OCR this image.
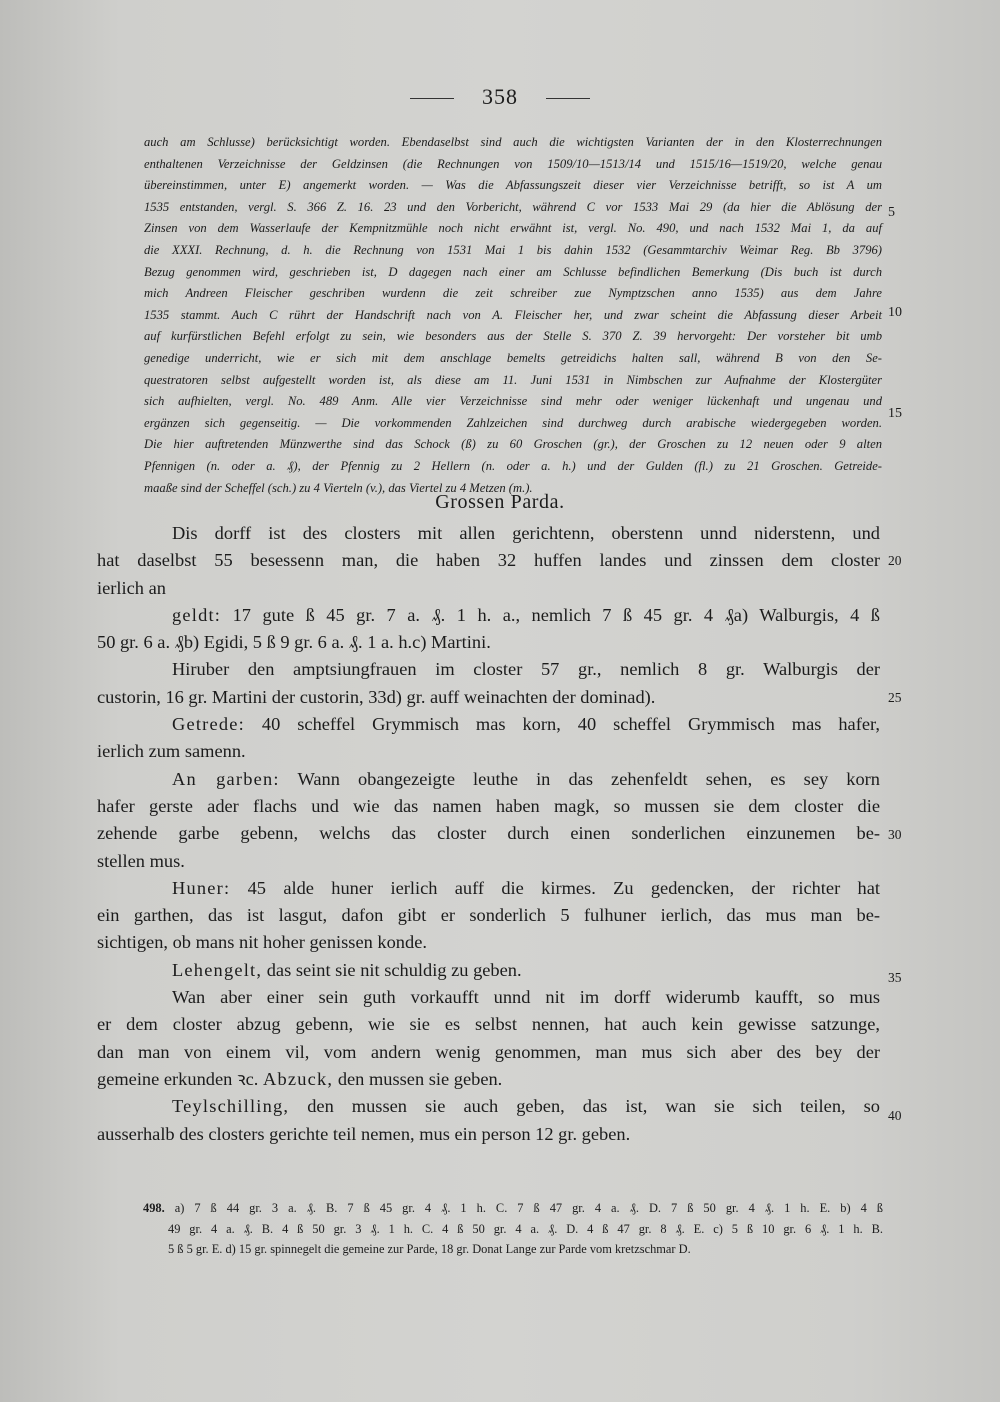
358
auch am Schlusse) berücksichtigt worden. Ebendaselbst sind auch die wichtigsten Varianten der in den Klosterrechnungen
enthaltenen Verzeichnisse der Geldzinsen (die Rechnungen von 1509/10—1513/14 und 1515/16—1519/20, welche genau
übereinstimmen, unter E) angemerkt worden. — Was die Abfassungszeit dieser vier Verzeichnisse betrifft, so ist A um
1535 entstanden, vergl. S. 366 Z. 16. 23 und den Vorbericht, während C vor 1533 Mai 29 (da hier die Ablösung der
Zinsen von dem Wasserlaufe der Kempnitzmühle noch nicht erwähnt ist, vergl. No. 490, und nach 1532 Mai 1, da auf
die XXXI. Rechnung, d. h. die Rechnung von 1531 Mai 1 bis dahin 1532 (Gesammtarchiv Weimar Reg. Bb 3796)
Bezug genommen wird, geschrieben ist, D dagegen nach einer am Schlusse befindlichen Bemerkung (Dis buch ist durch
mich Andreen Fleischer geschriben wurdenn die zeit schreiber zue Nymptzschen anno 1535) aus dem Jahre
1535 stammt. Auch C rührt der Handschrift nach von A. Fleischer her, und zwar scheint die Abfassung dieser Arbeit
auf kurfürstlichen Befehl erfolgt zu sein, wie besonders aus der Stelle S. 370 Z. 39 hervorgeht: Der vorsteher bit umb
genedige underricht, wie er sich mit dem anschlage bemelts getreidichs halten sall, während B von den Se-
questratoren selbst aufgestellt worden ist, als diese am 11. Juni 1531 in Nimbschen zur Aufnahme der Klostergüter
sich aufhielten, vergl. No. 489 Anm. Alle vier Verzeichnisse sind mehr oder weniger lückenhaft und ungenau und
ergänzen sich gegenseitig. — Die vorkommenden Zahlzeichen sind durchweg durch arabische wiedergegeben worden.
Die hier auftretenden Münzwerthe sind das Schock (ß) zu 60 Groschen (gr.), der Groschen zu 12 neuen oder 9 alten
Pfennigen (n. oder a. ₰), der Pfennig zu 2 Hellern (n. oder a. h.) und der Gulden (fl.) zu 21 Groschen. Getreide-
maaße sind der Scheffel (sch.) zu 4 Vierteln (v.), das Viertel zu 4 Metzen (m.).
5
10
15
Grossen Parda.
Dis dorff ist des closters mit allen gerichtenn, oberstenn unnd niderstenn, und
hat daselbst 55 besessenn man, die haben 32 huffen landes und zinssen dem closter
ierlich an
geldt: 17 gute ß 45 gr. 7 a. ₰. 1 h. a., nemlich 7 ß 45 gr. 4 ₰a) Walburgis, 4 ß
50 gr. 6 a. ₰b) Egidi, 5 ß 9 gr. 6 a. ₰. 1 a. h.c) Martini.
Hiruber den amptsiungfrauen im closter 57 gr., nemlich 8 gr. Walburgis der
custorin, 16 gr. Martini der custorin, 33d) gr. auff weinachten der dominad).
Getrede: 40 scheffel Grymmisch mas korn, 40 scheffel Grymmisch mas hafer,
ierlich zum samenn.
An garben: Wann obangezeigte leuthe in das zehenfeldt sehen, es sey korn
hafer gerste ader flachs und wie das namen haben magk, so mussen sie dem closter die
zehende garbe gebenn, welchs das closter durch einen sonderlichen einzunemen be-
stellen mus.
Huner: 45 alde huner ierlich auff die kirmes. Zu gedencken, der richter hat
ein garthen, das ist lasgut, dafon gibt er sonderlich 5 fulhuner ierlich, das mus man be-
sichtigen, ob mans nit hoher genissen konde.
Lehengelt, das seint sie nit schuldig zu geben.
Wan aber einer sein guth vorkaufft unnd nit im dorff widerumb kaufft, so mus
er dem closter abzug gebenn, wie sie es selbst nennen, hat auch kein gewisse satzunge,
dan man von einem vil, vom andern wenig genommen, man mus sich aber des bey der
gemeine erkunden ꝛc. Abzuck, den mussen sie geben.
Teylschilling, den mussen sie auch geben, das ist, wan sie sich teilen, so
ausserhalb des closters gerichte teil nemen, mus ein person 12 gr. geben.
20
25
30
35
40
498. a) 7 ß 44 gr. 3 a. ₰. B. 7 ß 45 gr. 4 ₰. 1 h. C. 7 ß 47 gr. 4 a. ₰. D. 7 ß 50 gr. 4 ₰. 1 h. E. b) 4 ß
49 gr. 4 a. ₰. B. 4 ß 50 gr. 3 ₰. 1 h. C. 4 ß 50 gr. 4 a. ₰. D. 4 ß 47 gr. 8 ₰. E. c) 5 ß 10 gr. 6 ₰. 1 h. B.
5 ß 5 gr. E. d) 15 gr. spinnegelt die gemeine zur Parde, 18 gr. Donat Lange zur Parde vom kretzschmar D.
